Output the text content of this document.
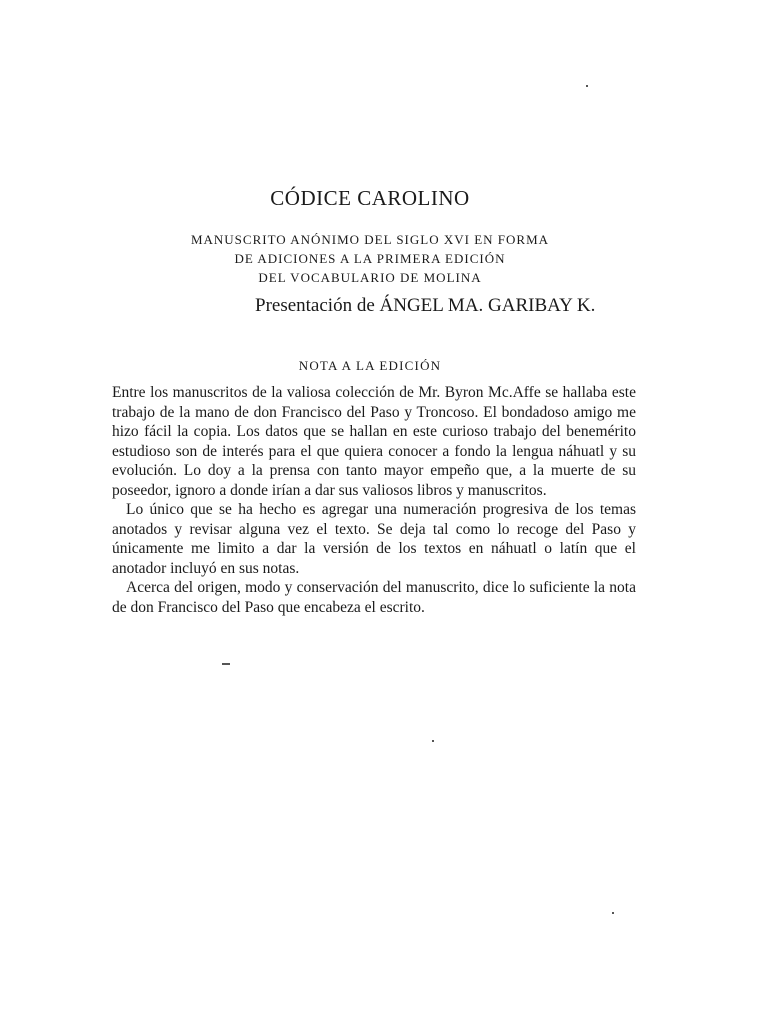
CÓDICE CAROLINO
MANUSCRITO ANÓNIMO DEL SIGLO XVI EN FORMA
DE ADICIONES A LA PRIMERA EDICIÓN
DEL VOCABULARIO DE MOLINA
Presentación de ÁNGEL MA. GARIBAY K.
NOTA A LA EDICIÓN

Entre los manuscritos de la valiosa colección de Mr. Byron Mc.Affe se hallaba este trabajo de la mano de don Francisco del Paso y Troncoso. El bondadoso amigo me hizo fácil la copia. Los datos que se hallan en este curioso trabajo del benemérito estudioso son de interés para el que quiera conocer a fondo la lengua náhuatl y su evolución. Lo doy a la prensa con tanto mayor empeño que, a la muerte de su poseedor, ignoro a donde irían a dar sus valiosos libros y manuscritos.

Lo único que se ha hecho es agregar una numeración progresiva de los temas anotados y revisar alguna vez el texto. Se deja tal como lo recoge del Paso y únicamente me limito a dar la versión de los textos en náhuatl o latín que el anotador incluyó en sus notas.

Acerca del origen, modo y conservación del manuscrito, dice lo suficiente la nota de don Francisco del Paso que encabeza el escrito.
